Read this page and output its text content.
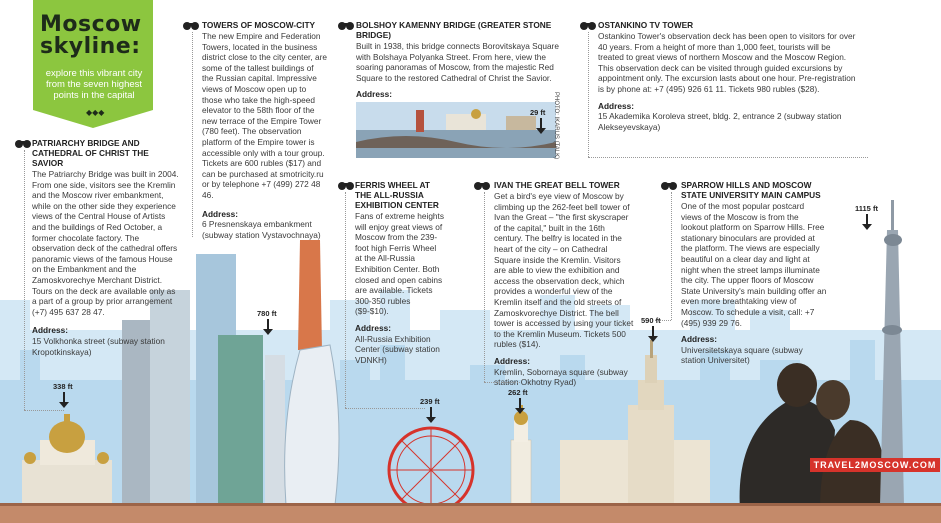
Moscow
skyline:
explore this vibrant city from the seven highest points in the capital
◆◆◆
PATRIARCHY BRIDGE AND CATHEDRAL OF CHRIST THE SAVIOR

The Patriarchy Bridge was built in 2004. From one side, visitors see the Kremlin and the Moscow river embankment, while on the other side they experience views of the Central House of Artists and the buildings of Red October, a former chocolate factory. The observation deck of the cathedral offers panoramic views of the famous House on the Embankment and the Zamoskvorechye Merchant District. Tours on the deck are available only as a part of a group by prior arrangement (+7) 495 637 28 47.

Address:

15 Volkhonka street (subway station Kropotkinskaya)

338 ft
TOWERS OF MOSCOW-CITY

The new Empire and Federation Towers, located in the business district close to the city center, are some of the tallest buildings of the Russian capital. Impressive views of Moscow open up to those who take the high-speed elevator to the 58th floor of the new terrace of the Empire Tower (780 feet). The observation platform of the Empire tower is accessible only with a tour group. Tickets are 600 rubles ($17) and can be purchased at smotricity.ru or by telephone +7 (499) 272 48 46.

Address:

6 Presnenskaya embankment (subway station Vystavochnaya)

780 ft
BOLSHOY KAMENNY BRIDGE (GREATER STONE BRIDGE)

Built in 1938, this bridge connects Borovitskaya Square with Bolshaya Polyanka Street. From here, view the soaring panoramas of Moscow, from the majestic Red Square to the restored Cathedral of Christ the Savior.

Address:	PHOTO: IKARUS (TALK)
29 ft
OSTANKINO TV TOWER

Ostankino Tower's observation deck has been open to visitors for over 40 years. From a height of more than 1,000 feet, tourists will be treated to great views of northern Moscow and the Moscow Region. This observation deck can be visited through guided excursions by appointment only. The excursion lasts about one hour. Pre-registration is by phone at: +7 (495) 926 61 11. Tickets 980 rubles ($28).

Address:

15 Akademika Koroleva street, bldg. 2, entrance 2 (subway station Alekseyevskaya)

1115 ft
FERRIS WHEEL AT THE ALL-RUSSIA EXHIBITION CENTER

Fans of extreme heights will enjoy great views of Moscow from the 239-foot high Ferris Wheel at the All-Russia Exhibition Center. Both closed and open cabins are available. Tickets 300-350 rubles ($9-$10).

Address:

All-Russia Exhibition Center (subway station VDNKH)

239 ft
IVAN THE GREAT BELL TOWER

Get a bird's eye view of Moscow by climbing up the 262-feet bell tower of Ivan the Great – "the first skyscraper of the capital," built in the 16th century. The belfry is located in the heart of the city – on Cathedral Square inside the Kremlin. Visitors are able to view the exhibition and access the observation deck, which provides a wonderful view of the Kremlin itself and the old streets of Zamoskvorechye District. The bell tower is accessed by using your ticket to the Kremlin Museum. Tickets 500 rubles ($14).

Address:

Kremlin, Sobornaya square (subway station Okhotny Ryad)

262 ft
SPARROW HILLS AND MOSCOW STATE UNIVERSITY MAIN CAMPUS

One of the most popular postcard views of the Moscow is from the lookout platform on Sparrow Hills. Free stationary binoculars are provided at the platform. The views are especially beautiful on a clear day and light at night when the street lamps illuminate the city. The upper floors of Moscow State University's main building offer an even more breathtaking view of Moscow. To schedule a visit, call: +7 (495) 939 29 76.

Address:

Universitetskaya square (subway station Universitet)

590 ft
TRAVEL2MOSCOW.COM
